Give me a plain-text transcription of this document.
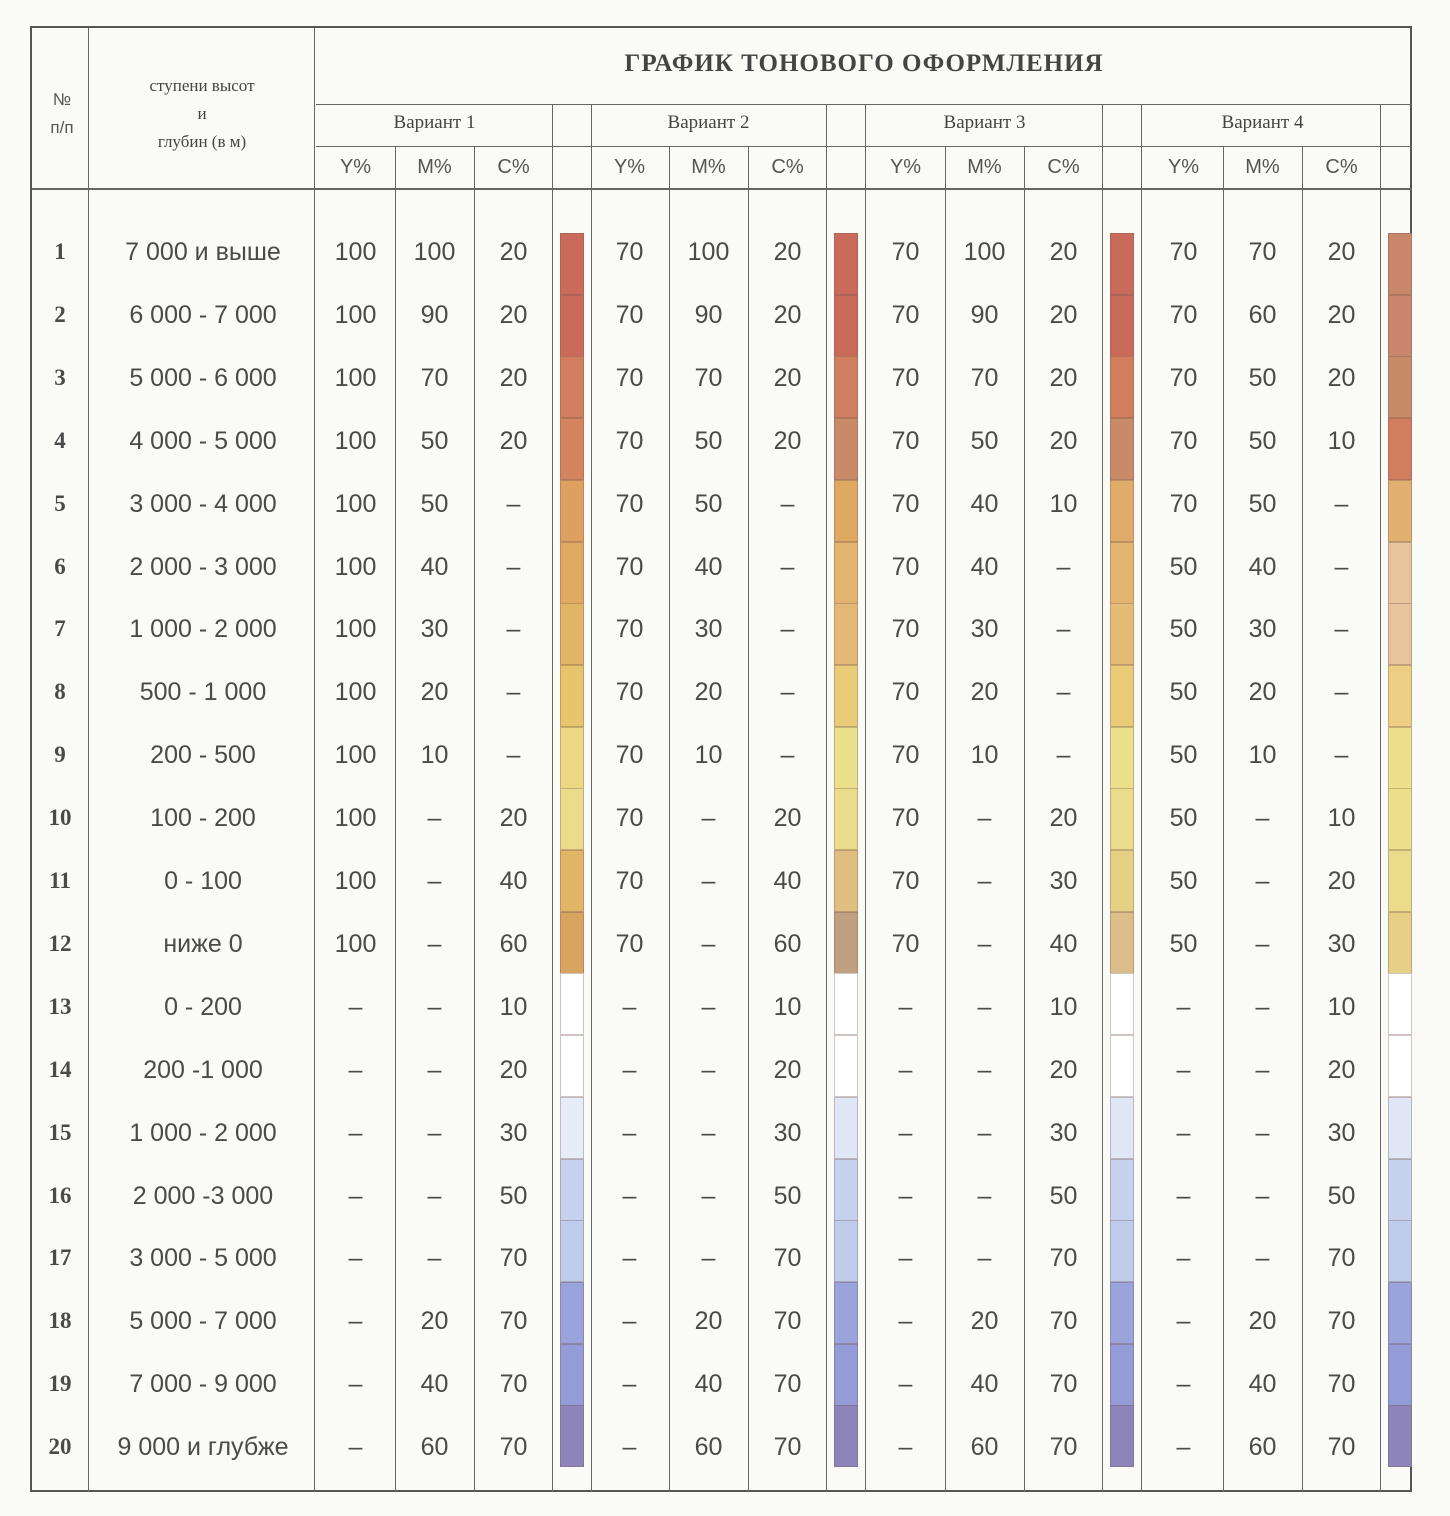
№
п/п
ступени высот
и
глубин (в м)
ГРАФИК ТОНОВОГО ОФОРМЛЕНИЯ
Вариант 1
Y%	M%	C%
Вариант 2
Y%	M%	C%
Вариант 3
Y%	M%	C%
Вариант 4
Y%	M%	C%
1	7 000 и выше	100	100	20	70	100	20	70	100	20	70	70	20
2	6 000 - 7 000	100	90	20	70	90	20	70	90	20	70	60	20
3	5 000 - 6 000	100	70	20	70	70	20	70	70	20	70	50	20
4	4 000 - 5 000	100	50	20	70	50	20	70	50	20	70	50	10
5	3 000 - 4 000	100	50	–	70	50	–	70	40	10	70	50	–
6	2 000 - 3 000	100	40	–	70	40	–	70	40	–	50	40	–
7	1 000 - 2 000	100	30	–	70	30	–	70	30	–	50	30	–
8	500 - 1 000	100	20	–	70	20	–	70	20	–	50	20	–
9	200 - 500	100	10	–	70	10	–	70	10	–	50	10	–
10	100 - 200	100	–	20	70	–	20	70	–	20	50	–	10
11	0 - 100	100	–	40	70	–	40	70	–	30	50	–	20
12	ниже 0	100	–	60	70	–	60	70	–	40	50	–	30
13	0 - 200	–	–	10	–	–	10	–	–	10	–	–	10
14	200 -1 000	–	–	20	–	–	20	–	–	20	–	–	20
15	1 000 - 2 000	–	–	30	–	–	30	–	–	30	–	–	30
16	2 000 -3 000	–	–	50	–	–	50	–	–	50	–	–	50
17	3 000 - 5 000	–	–	70	–	–	70	–	–	70	–	–	70
18	5 000 - 7 000	–	20	70	–	20	70	–	20	70	–	20	70
19	7 000 - 9 000	–	40	70	–	40	70	–	40	70	–	40	70
20	9 000 и глубже	–	60	70	–	60	70	–	60	70	–	60	70
